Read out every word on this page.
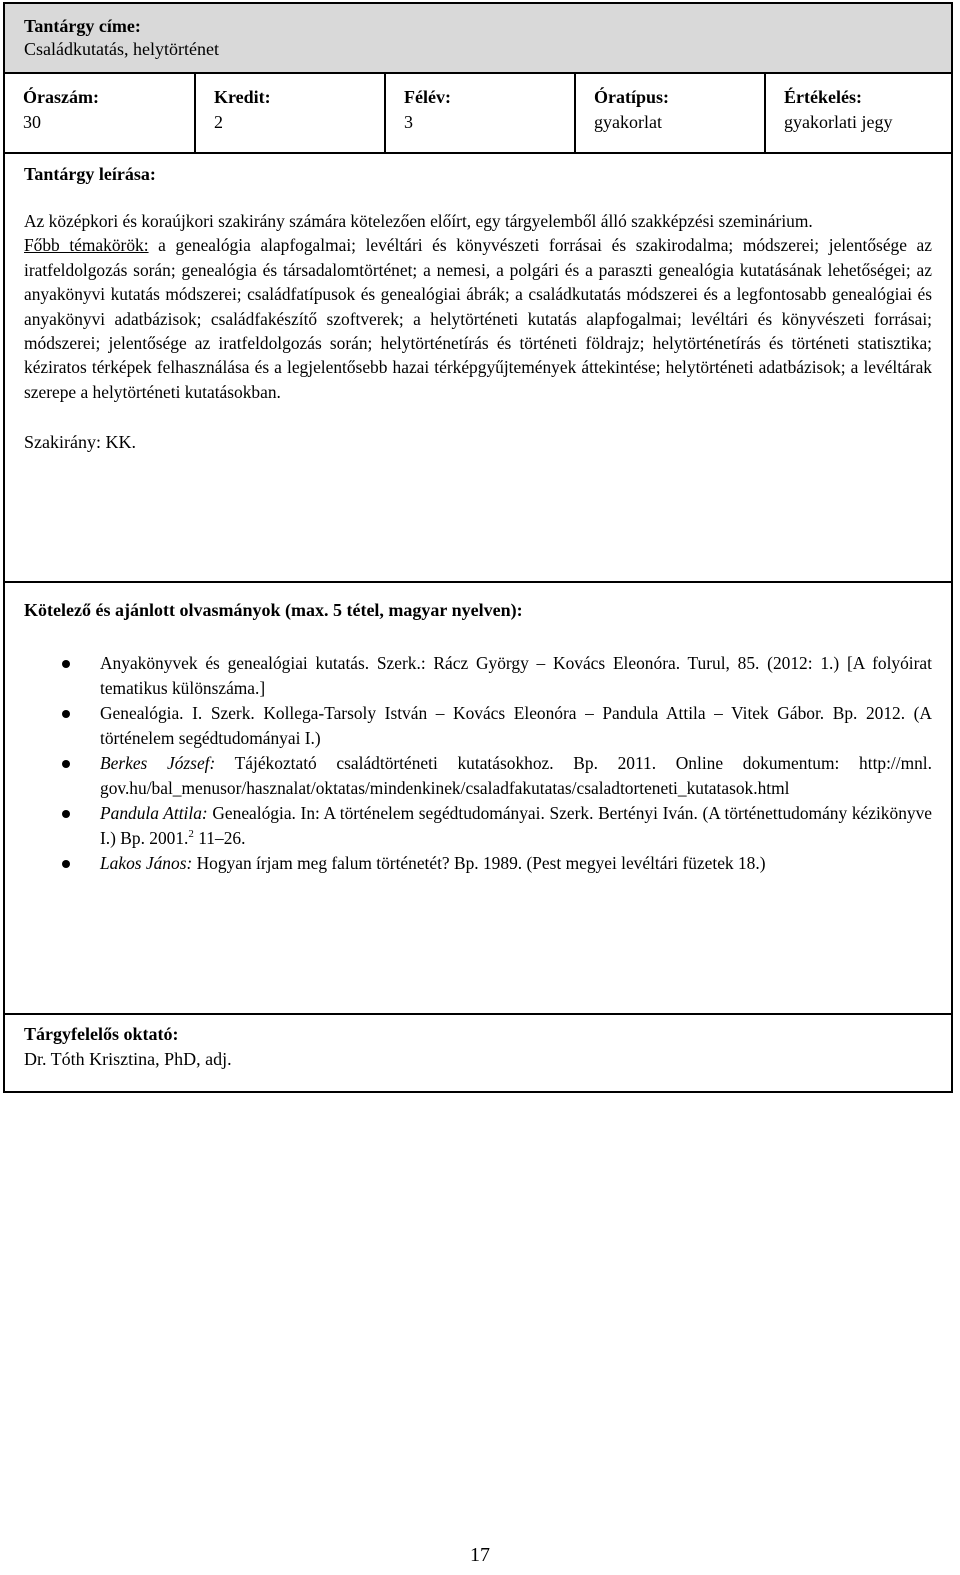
Tantárgy címe:
Családkutatás, helytörténet
Óraszám:
30
Kredit:
2
Félév:
3
Óratípus:
gyakorlat
Értékelés:
gyakorlati jegy
Tantárgy leírása:

Az középkori és koraújkori szakirány számára kötelezően előírt, egy tárgyelemből álló szakképzési szeminárium.
Főbb témakörök: a genealógia alapfogalmai; levéltári és könyvészeti forrásai és szakirodalma; módszerei; jelentősége az iratfeldolgozás során; genealógia és társadalomtörténet; a nemesi, a polgári és a paraszti genealógia kutatásának lehetőségei; az anyakönyvi kutatás módszerei; családfatípusok és genealógiai ábrák; a családkutatás módszerei és a legfontosabb genealógiai és anyakönyvi adatbázisok; családfakészítő szoftverek; a helytörténeti kutatás alapfogalmai; levéltári és könyvészeti forrásai; módszerei; jelentősége az iratfeldolgozás során; helytörténetírás és történeti földrajz; helytörténetírás és történeti statisztika; kéziratos térképek felhasználása és a legjelentősebb hazai térképgyűjtemények áttekintése; helytörténeti adatbázisok; a levéltárak szerepe a helytörténeti kutatásokban.

Szakirány: KK.
Kötelező és ajánlott olvasmányok (max. 5 tétel, magyar nyelven):
Anyakönyvek és genealógiai kutatás. Szerk.: Rácz György – Kovács Eleonóra. Turul, 85. (2012: 1.) [A folyóirat tematikus különszáma.]
Genealógia. I. Szerk. Kollega-Tarsoly István – Kovács Eleonóra – Pandula Attila – Vitek Gábor. Bp. 2012. (A történelem segédtudományai I.)
Berkes József: Tájékoztató családtörténeti kutatásokhoz. Bp. 2011. Online dokumentum: http://mnl. gov.hu/bal_menusor/hasznalat/oktatas/mindenkinek/csaladfakutatas/csaladtorteneti_kutatasok.html
Pandula Attila: Genealógia. In: A történelem segédtudományai. Szerk. Bertényi Iván. (A történettudomány kézikönyve I.) Bp. 2001.$^2$ 11–26.
Lakos János: Hogyan írjam meg falum történetét? Bp. 1989. (Pest megyei levéltári füzetek 18.)
Tárgyfelelős oktató:
Dr. Tóth Krisztina, PhD, adj.
17
